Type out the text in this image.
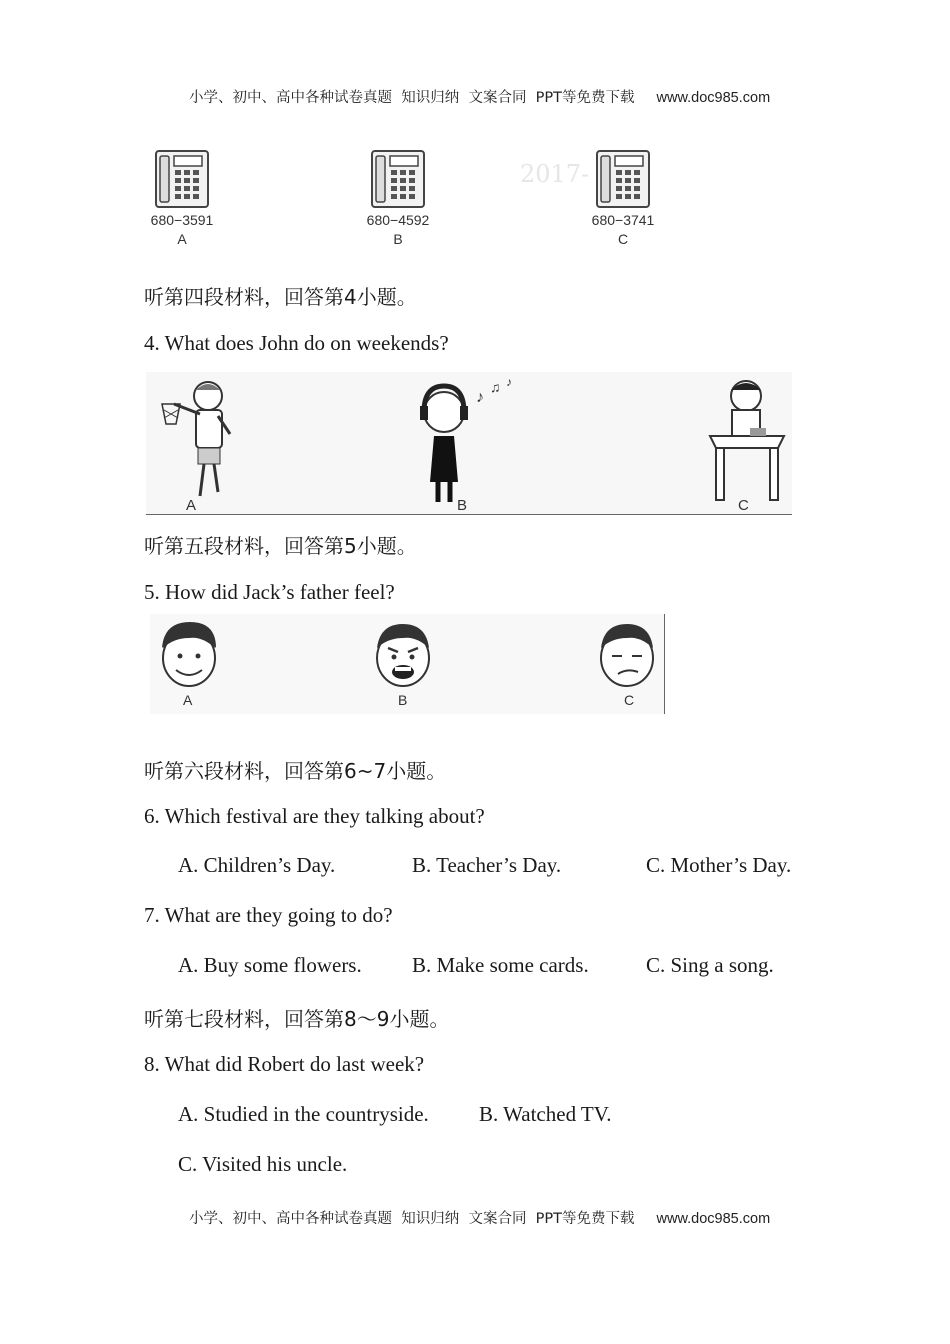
小学、初中、高中各种试卷真题  知识归纳  文案合同  PPT等免费下载 www.doc985.com

2017-
680−3591
A
680−4592
B
680−3741
C
听第四段材料，回答第4小题。
4. What does John do on weekends?
♪
♫ ♪
A	B	C
听第五段材料，回答第5小题。
5. How did Jack’s father feel?
A	B	C
听第六段材料，回答第6~7小题。
6. Which festival are they talking about?
A. Children’s Day.	B. Teacher’s Day.	C. Mother’s Day.
7. What are they going to do?
A. Buy some flowers. B. Make some cards.	C. Sing a song.
听第七段材料，回答第8～9小题。
8. What did Robert do last week?
A. Studied in the countryside. B. Watched TV.
C. Visited his uncle.

小学、初中、高中各种试卷真题  知识归纳  文案合同  PPT等免费下载 www.doc985.com
